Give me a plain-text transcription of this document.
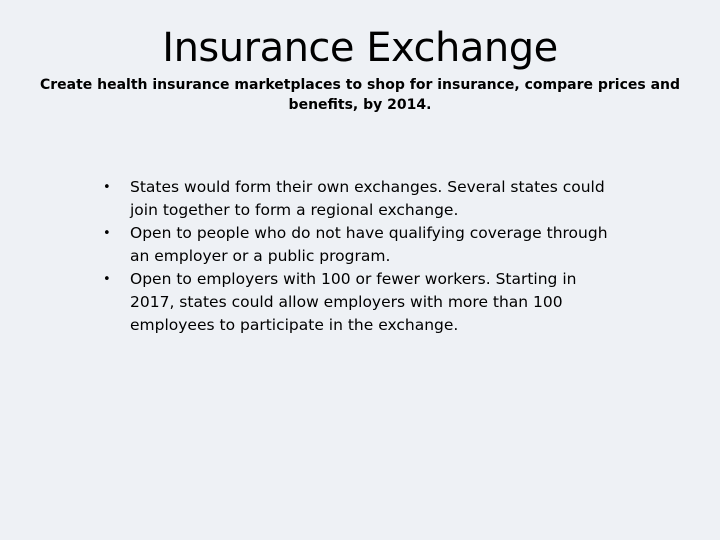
Insurance Exchange

Create health insurance marketplaces to shop for insurance, compare prices and benefits, by 2014.

• States would form their own exchanges. Several states could join together to form a regional exchange.
• Open to people who do not have qualifying coverage through an employer or a public program.
• Open to employers with 100 or fewer workers. Starting in 2017, states could allow employers with more than 100 employees to participate in the exchange.
